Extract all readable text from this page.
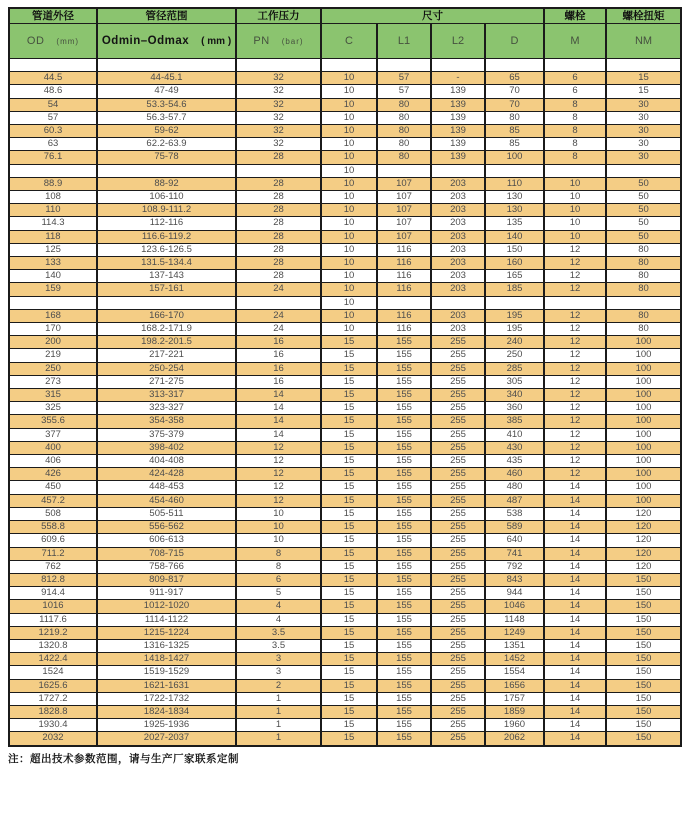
管道外径	管径范围	工作压力	尺寸				螺栓	螺栓扭矩

OD (mm)	Odmin–Odmax ( mm )	PN (bar)	C	L1	L2	D	M	NM

44.5	44-45.1	32	10	57	-	65	6	15
48.6	47-49	32	10	57	139	70	6	15
54	53.3-54.6	32	10	80	139	70	8	30
57	56.3-57.7	32	10	80	139	80	8	30
60.3	59-62	32	10	80	139	85	8	30
63	62.2-63.9	32	10	80	139	85	8	30
76.1	75-78	28	10	80	139	100	8	30
			10					
88.9	88-92	28	10	107	203	110	10	50
108	106-110	28	10	107	203	130	10	50
110	108.9-111.2	28	10	107	203	130	10	50
114.3	112-116	28	10	107	203	135	10	50
118	116.6-119.2	28	10	107	203	140	10	50
125	123.6-126.5	28	10	116	203	150	12	80
133	131.5-134.4	28	10	116	203	160	12	80
140	137-143	28	10	116	203	165	12	80
159	157-161	24	10	116	203	185	12	80
			10					
168	166-170	24	10	116	203	195	12	80
170	168.2-171.9	24	10	116	203	195	12	80
200	198.2-201.5	16	15	155	255	240	12	100
219	217-221	16	15	155	255	250	12	100
250	250-254	16	15	155	255	285	12	100
273	271-275	16	15	155	255	305	12	100
315	313-317	14	15	155	255	340	12	100
325	323-327	14	15	155	255	360	12	100
355.6	354-358	14	15	155	255	385	12	100
377	375-379	14	15	155	255	410	12	100
400	398-402	12	15	155	255	430	12	100
406	404-408	12	15	155	255	435	12	100
426	424-428	12	15	155	255	460	12	100
450	448-453	12	15	155	255	480	14	100
457.2	454-460	12	15	155	255	487	14	100
508	505-511	10	15	155	255	538	14	120
558.8	556-562	10	15	155	255	589	14	120
609.6	606-613	10	15	155	255	640	14	120
711.2	708-715	8	15	155	255	741	14	120
762	758-766	8	15	155	255	792	14	120
812.8	809-817	6	15	155	255	843	14	150
914.4	911-917	5	15	155	255	944	14	150
1016	1012-1020	4	15	155	255	1046	14	150
1117.6	1114-1122	4	15	155	255	1148	14	150
1219.2	1215-1224	3.5	15	155	255	1249	14	150
1320.8	1316-1325	3.5	15	155	255	1351	14	150
1422.4	1418-1427	3	15	155	255	1452	14	150
1524	1519-1529	3	15	155	255	1554	14	150
1625.6	1621-1631	2	15	155	255	1656	14	150
1727.2	1722-1732	1	15	155	255	1757	14	150
1828.8	1824-1834	1	15	155	255	1859	14	150
1930.4	1925-1936	1	15	155	255	1960	14	150
2032	2027-2037	1	15	155	255	2062	14	150
注：超出技术参数范围，请与生产厂家联系定制
